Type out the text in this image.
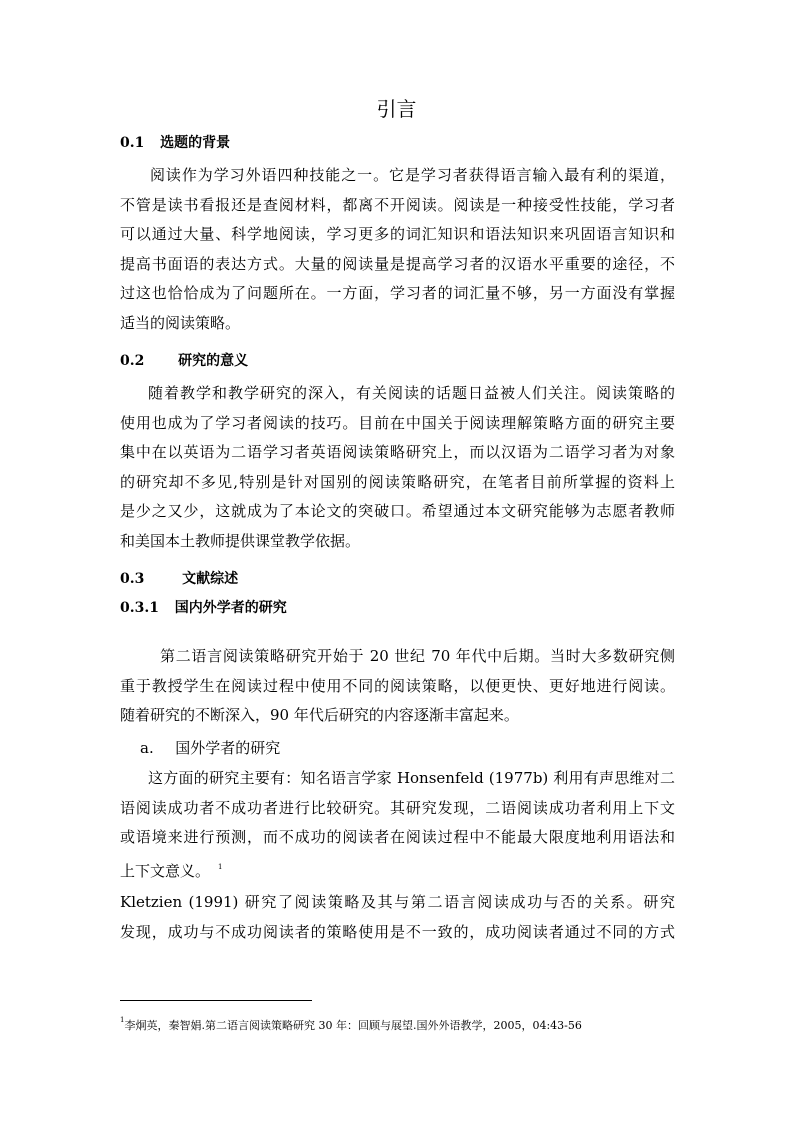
引言
0.1 选题的背景
阅读作为学习外语四种技能之一。它是学习者获得语言输入最有利的渠道，
不管是读书看报还是查阅材料，都离不开阅读。阅读是一种接受性技能，学习者
可以通过大量、科学地阅读，学习更多的词汇知识和语法知识来巩固语言知识和
提高书面语的表达方式。大量的阅读量是提高学习者的汉语水平重要的途径，不
过这也恰恰成为了问题所在。一方面，学习者的词汇量不够，另一方面没有掌握
适当的阅读策略。
0.2 研究的意义
随着教学和教学研究的深入，有关阅读的话题日益被人们关注。阅读策略的
使用也成为了学习者阅读的技巧。目前在中国关于阅读理解策略方面的研究主要
集中在以英语为二语学习者英语阅读策略研究上，而以汉语为二语学习者为对象
的研究却不多见,特别是针对国别的阅读策略研究，在笔者目前所掌握的资料上
是少之又少，这就成为了本论文的突破口。希望通过本文研究能够为志愿者教师
和美国本土教师提供课堂教学依据。
0.3	文献综述
0.3.1 国内外学者的研究
第二语言阅读策略研究开始于 20 世纪 70 年代中后期。当时大多数研究侧
重于教授学生在阅读过程中使用不同的阅读策略，以便更快、更好地进行阅读。
随着研究的不断深入，90 年代后研究的内容逐渐丰富起来。
a. 国外学者的研究
这方面的研究主要有：知名语言学家 Honsenfeld (1977b) 利用有声思维对二
语阅读成功者不成功者进行比较研究。其研究发现，二语阅读成功者利用上下文
或语境来进行预测，而不成功的阅读者在阅读过程中不能最大限度地利用语法和
上下文意义。 $^1$
Kletzien (1991) 研究了阅读策略及其与第二语言阅读成功与否的关系。研究
发现，成功与不成功阅读者的策略使用是不一致的，成功阅读者通过不同的方式
$^1$李炯英，秦智娟.第二语言阅读策略研究 30 年：回顾与展望.国外外语教学，2005，04:43-56
